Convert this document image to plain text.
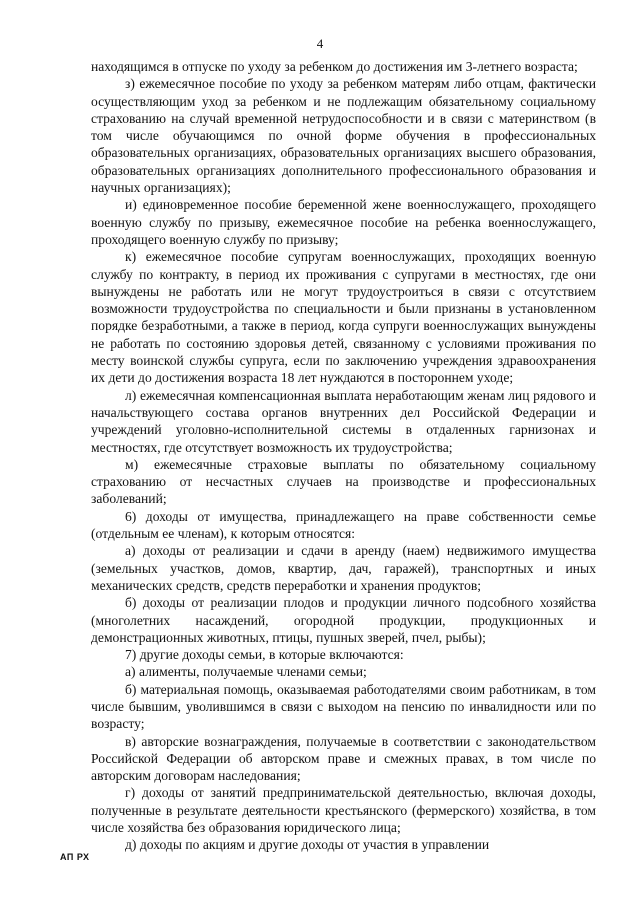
4

находящимся в отпуске по уходу за ребенком до достижения им 3-летнего возраста;

з) ежемесячное пособие по уходу за ребенком матерям либо отцам, фактически осуществляющим уход за ребенком и не подлежащим обязательному социальному страхованию на случай временной нетрудоспособности и в связи с материнством (в том числе обучающимся по очной форме обучения в профессиональных образовательных организациях, образовательных организациях высшего образования, образовательных организациях дополнительного профессионального образования и научных организациях);

и) единовременное пособие беременной жене военнослужащего, проходящего военную службу по призыву, ежемесячное пособие на ребенка военнослужащего, проходящего военную службу по призыву;

к) ежемесячное пособие супругам военнослужащих, проходящих военную службу по контракту, в период их проживания с супругами в местностях, где они вынуждены не работать или не могут трудоустроиться в связи с отсутствием возможности трудоустройства по специальности и были признаны в установленном порядке безработными, а также в период, когда супруги военнослужащих вынуждены не работать по состоянию здоровья детей, связанному с условиями проживания по месту воинской службы супруга, если по заключению учреждения здравоохранения их дети до достижения возраста 18 лет нуждаются в постороннем уходе;

л) ежемесячная компенсационная выплата неработающим женам лиц рядового и начальствующего состава органов внутренних дел Российской Федерации и учреждений уголовно-исполнительной системы в отдаленных гарнизонах и местностях, где отсутствует возможность их трудоустройства;

м) ежемесячные страховые выплаты по обязательному социальному страхованию от несчастных случаев на производстве и профессиональных заболеваний;

6) доходы от имущества, принадлежащего на праве собственности семье (отдельным ее членам), к которым относятся:

а) доходы от реализации и сдачи в аренду (наем) недвижимого имущества (земельных участков, домов, квартир, дач, гаражей), транспортных и иных механических средств, средств переработки и хранения продуктов;

б) доходы от реализации плодов и продукции личного подсобного хозяйства (многолетних насаждений, огородной продукции, продукционных и демонстрационных животных, птицы, пушных зверей, пчел, рыбы);

7) другие доходы семьи, в которые включаются:

а) алименты, получаемые членами семьи;

б) материальная помощь, оказываемая работодателями своим работникам, в том числе бывшим, уволившимся в связи с выходом на пенсию по инвалидности или по возрасту;

в) авторские вознаграждения, получаемые в соответствии с законодательством Российской Федерации об авторском праве и смежных правах, в том числе по авторским договорам наследования;

г) доходы от занятий предпринимательской деятельностью, включая доходы, полученные в результате деятельности крестьянского (фермерского) хозяйства, в том числе хозяйства без образования юридического лица;

д) доходы по акциям и другие доходы от участия в управлении

АП РХ
